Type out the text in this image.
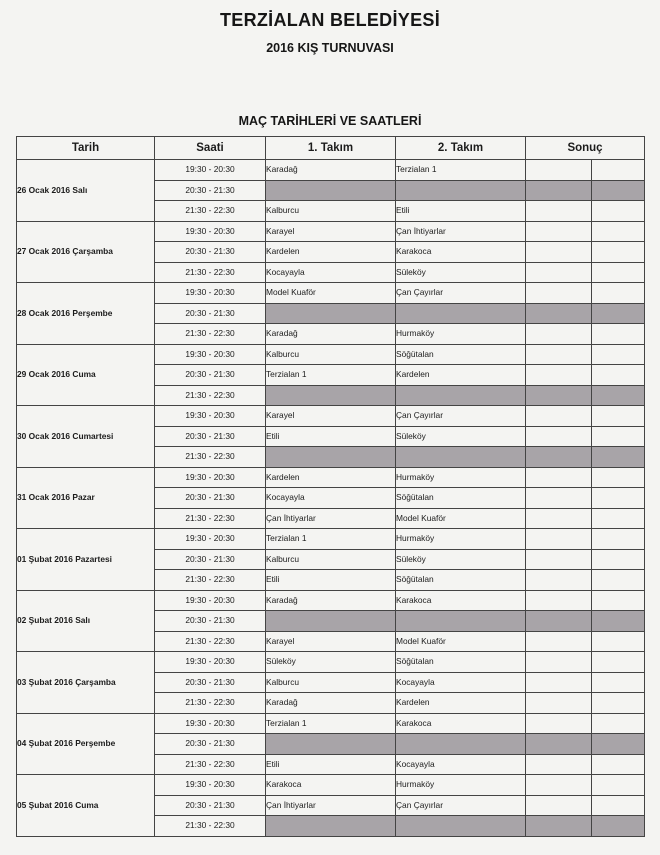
TERZİALAN BELEDİYESİ
2016 KIŞ TURNUVASI
MAÇ TARİHLERİ VE SAATLERİ
Tarih	Saati	1. Takım	2. Takım	Sonuç	
26 Ocak 2016 Salı	19:30 - 20:30	Karadağ	Terzialan 1		
	20:30 - 21:30				
	21:30 - 22:30	Kalburcu	Etili		
27 Ocak 2016 Çarşamba	19:30 - 20:30	Karayel	Çan İhtiyarlar		
	20:30 - 21:30	Kardelen	Karakoca		
	21:30 - 22:30	Kocayayla	Süleköy		
28 Ocak 2016 Perşembe	19:30 - 20:30	Model Kuaför	Çan Çayırlar		
	20:30 - 21:30				
	21:30 - 22:30	Karadağ	Hurmaköy		
29 Ocak 2016 Cuma	19:30 - 20:30	Kalburcu	Söğütalan		
	20:30 - 21:30	Terzialan 1	Kardelen		
	21:30 - 22:30				
30 Ocak 2016 Cumartesi	19:30 - 20:30	Karayel	Çan Çayırlar		
	20:30 - 21:30	Etili	Süleköy		
	21:30 - 22:30				
31 Ocak 2016 Pazar	19:30 - 20:30	Kardelen	Hurmaköy		
	20:30 - 21:30	Kocayayla	Söğütalan		
	21:30 - 22:30	Çan İhtiyarlar	Model Kuaför		
01 Şubat 2016 Pazartesi	19:30 - 20:30	Terzialan 1	Hurmaköy		
	20:30 - 21:30	Kalburcu	Süleköy		
	21:30 - 22:30	Etili	Söğütalan		
02 Şubat 2016 Salı	19:30 - 20:30	Karadağ	Karakoca		
	20:30 - 21:30				
	21:30 - 22:30	Karayel	Model Kuaför		
03 Şubat 2016 Çarşamba	19:30 - 20:30	Süleköy	Söğütalan		
	20:30 - 21:30	Kalburcu	Kocayayla		
	21:30 - 22:30	Karadağ	Kardelen		
04 Şubat 2016 Perşembe	19:30 - 20:30	Terzialan 1	Karakoca		
	20:30 - 21:30				
	21:30 - 22:30	Etili	Kocayayla		
05 Şubat 2016 Cuma	19:30 - 20:30	Karakoca	Hurmaköy		
	20:30 - 21:30	Çan İhtiyarlar	Çan Çayırlar		
	21:30 - 22:30				
